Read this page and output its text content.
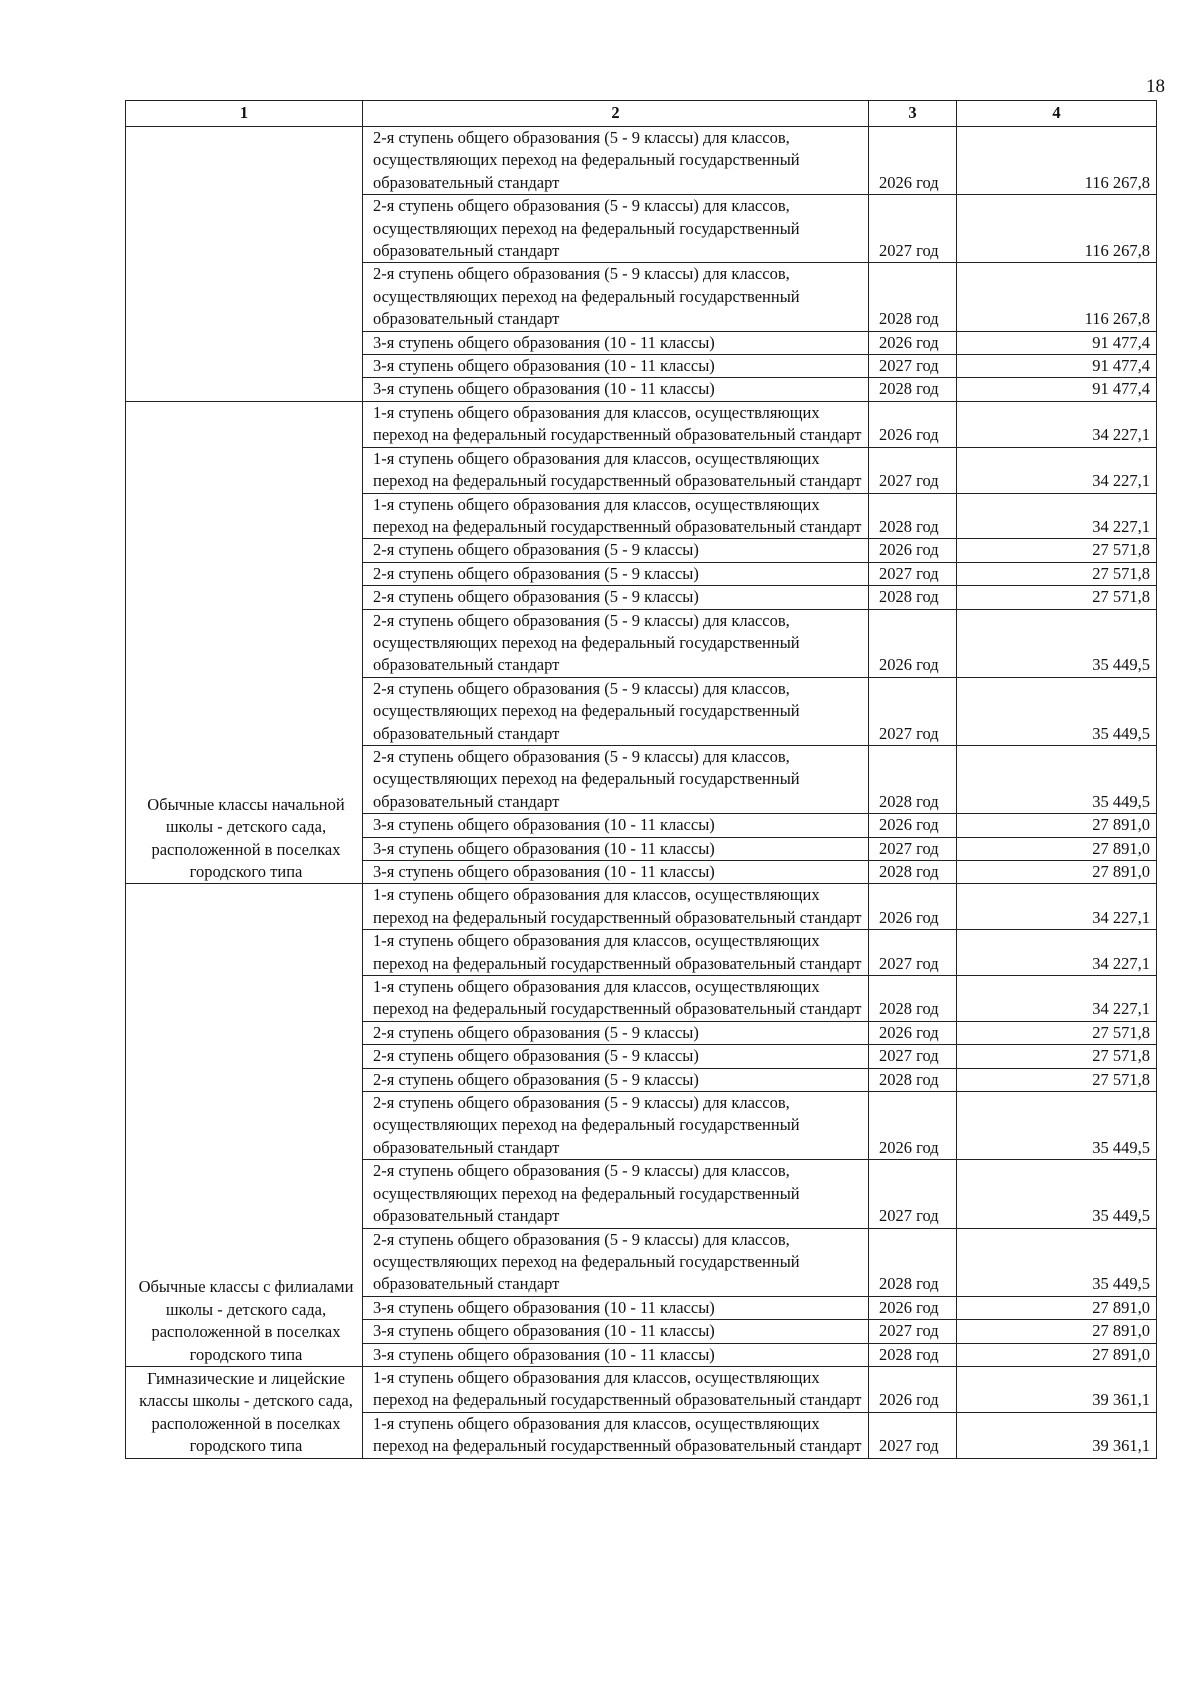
18
1	2	3	4
	2-я ступень общего образования (5 - 9 классы) для классов, осуществляющих переход на федеральный государственный образовательный стандарт	2026 год	116 267,8
	2-я ступень общего образования (5 - 9 классы) для классов, осуществляющих переход на федеральный государственный образовательный стандарт	2027 год	116 267,8
	2-я ступень общего образования (5 - 9 классы) для классов, осуществляющих переход на федеральный государственный образовательный стандарт	2028 год	116 267,8
	3-я ступень общего образования (10 - 11 классы)	2026 год	91 477,4
	3-я ступень общего образования (10 - 11 классы)	2027 год	91 477,4
	3-я ступень общего образования (10 - 11 классы)	2028 год	91 477,4
Обычные классы начальной школы - детского сада, расположенной в поселках городского типа	1-я ступень общего образования для классов, осуществляющих переход на федеральный государственный образовательный стандарт	2026 год	34 227,1
	1-я ступень общего образования для классов, осуществляющих переход на федеральный государственный образовательный стандарт	2027 год	34 227,1
	1-я ступень общего образования для классов, осуществляющих переход на федеральный государственный образовательный стандарт	2028 год	34 227,1
	2-я ступень общего образования (5 - 9 классы)	2026 год	27 571,8
	2-я ступень общего образования (5 - 9 классы)	2027 год	27 571,8
	2-я ступень общего образования (5 - 9 классы)	2028 год	27 571,8
	2-я ступень общего образования (5 - 9 классы) для классов, осуществляющих переход на федеральный государственный образовательный стандарт	2026 год	35 449,5
	2-я ступень общего образования (5 - 9 классы) для классов, осуществляющих переход на федеральный государственный образовательный стандарт	2027 год	35 449,5
	2-я ступень общего образования (5 - 9 классы) для классов, осуществляющих переход на федеральный государственный образовательный стандарт	2028 год	35 449,5
	3-я ступень общего образования (10 - 11 классы)	2026 год	27 891,0
	3-я ступень общего образования (10 - 11 классы)	2027 год	27 891,0
	3-я ступень общего образования (10 - 11 классы)	2028 год	27 891,0
Обычные классы с филиалами школы - детского сада, расположенной в поселках городского типа	1-я ступень общего образования для классов, осуществляющих переход на федеральный государственный образовательный стандарт	2026 год	34 227,1
	1-я ступень общего образования для классов, осуществляющих переход на федеральный государственный образовательный стандарт	2027 год	34 227,1
	1-я ступень общего образования для классов, осуществляющих переход на федеральный государственный образовательный стандарт	2028 год	34 227,1
	2-я ступень общего образования (5 - 9 классы)	2026 год	27 571,8
	2-я ступень общего образования (5 - 9 классы)	2027 год	27 571,8
	2-я ступень общего образования (5 - 9 классы)	2028 год	27 571,8
	2-я ступень общего образования (5 - 9 классы) для классов, осуществляющих переход на федеральный государственный образовательный стандарт	2026 год	35 449,5
	2-я ступень общего образования (5 - 9 классы) для классов, осуществляющих переход на федеральный государственный образовательный стандарт	2027 год	35 449,5
	2-я ступень общего образования (5 - 9 классы) для классов, осуществляющих переход на федеральный государственный образовательный стандарт	2028 год	35 449,5
	3-я ступень общего образования (10 - 11 классы)	2026 год	27 891,0
	3-я ступень общего образования (10 - 11 классы)	2027 год	27 891,0
	3-я ступень общего образования (10 - 11 классы)	2028 год	27 891,0
Гимназические и лицейские классы школы - детского сада, расположенной в поселках городского типа	1-я ступень общего образования для классов, осуществляющих переход на федеральный государственный образовательный стандарт	2026 год	39 361,1
	1-я ступень общего образования для классов, осуществляющих переход на федеральный государственный образовательный стандарт	2027 год	39 361,1
